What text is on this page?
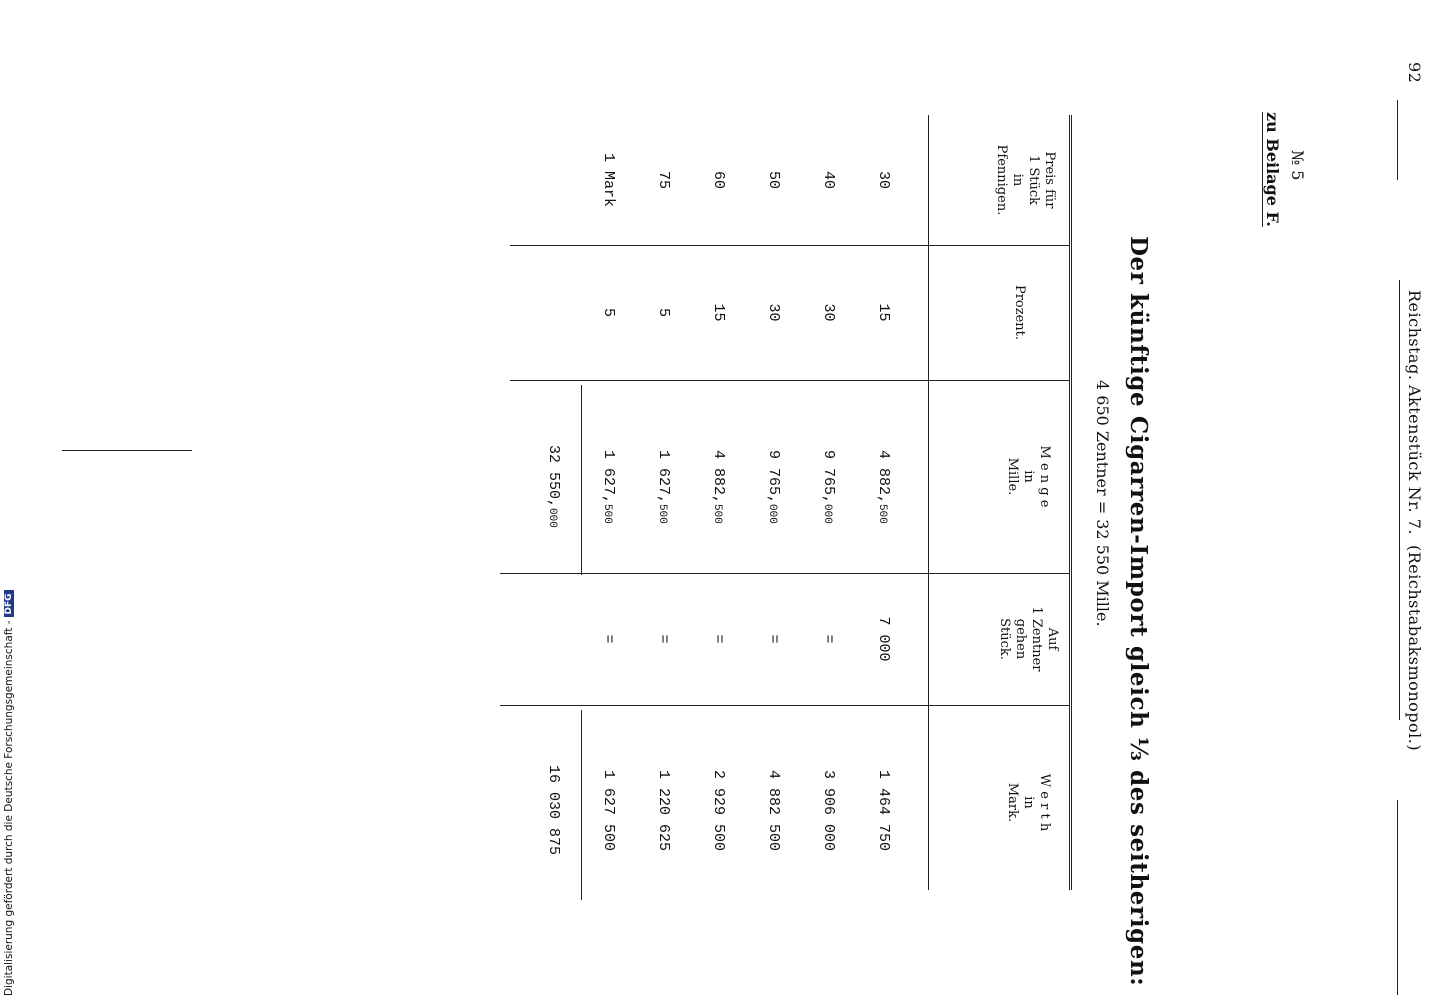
92
Reichstag.
Aktenstück Nr. 7.
(Reichstabaksmonopol.)
№ 5
zu Beilage F.
Der künftige Cigarren-Import gleich ⅓ des seitherigen:
4 650 Zentner = 32 550 Mille.
Preis für
1 Stück
in
Pfennigen.
Prozent.
M e n g e
in
Mille.
Auf
1 Zentner
gehen
Stück.
W e r t h
in
Mark.
30
15
4 882,500
7 000
1 464 750
40
30
9 765,000
=
3 906 000
50
30
9 765,000
=
4 882 500
60
15
4 882,500
=
2 929 500
75
5
1 627,500
=
1 220 625
1 Mark
5
1 627,500
=
1 627 500
32 550,000
16 030 875
Digitalisierung gefördert durch die Deutsche Forschungsgemeinschaft -DFG
